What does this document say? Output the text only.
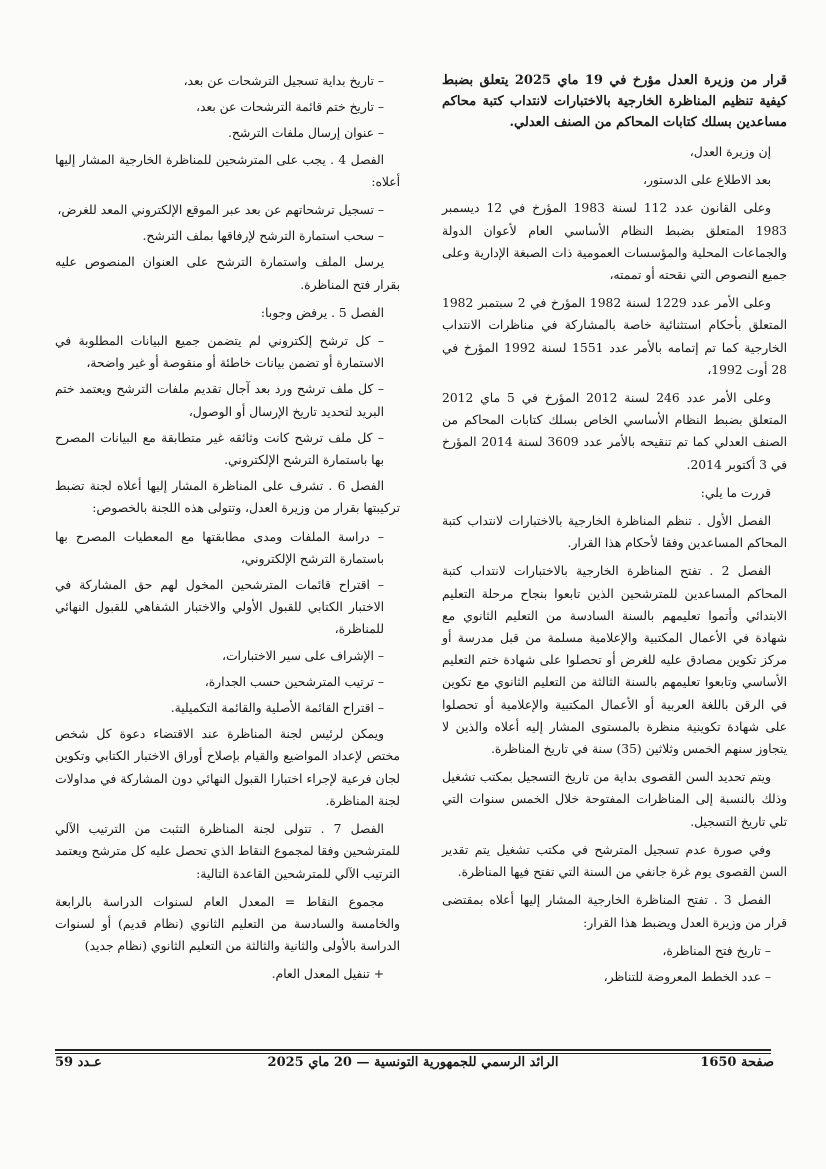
قرار من وزيرة العدل مؤرخ في 19 ماي 2025 يتعلق بضبط كيفية تنظيم المناظرة الخارجية بالاختبارات لانتداب كتبة محاكم مساعدين بسلك كتابات المحاكم من الصنف العدلي.

إن وزيرة العدل،

بعد الاطلاع على الدستور،

وعلى القانون عدد 112 لسنة 1983 المؤرخ في 12 ديسمبر 1983 المتعلق بضبط النظام الأساسي العام لأعوان الدولة والجماعات المحلية والمؤسسات العمومية ذات الصبغة الإدارية وعلى جميع النصوص التي نقحته أو تممته،

وعلى الأمر عدد 1229 لسنة 1982 المؤرخ في 2 سبتمبر 1982 المتعلق بأحكام استثنائية خاصة بالمشاركة في مناظرات الانتداب الخارجية كما تم إتمامه بالأمر عدد 1551 لسنة 1992 المؤرخ في 28 أوت 1992،

وعلى الأمر عدد 246 لسنة 2012 المؤرخ في 5 ماي 2012 المتعلق بضبط النظام الأساسي الخاص بسلك كتابات المحاكم من الصنف العدلي كما تم تنقيحه بالأمر عدد 3609 لسنة 2014 المؤرخ في 3 أكتوبر 2014.

قررت ما يلي:

الفصل الأول . تنظم المناظرة الخارجية بالاختبارات لانتداب كتبة المحاكم المساعدين وفقا لأحكام هذا القرار.

الفصل 2 . تفتح المناظرة الخارجية بالاختبارات لانتداب كتبة المحاكم المساعدين للمترشحين الذين تابعوا بنجاح مرحلة التعليم الابتدائي وأتموا تعليمهم بالسنة السادسة من التعليم الثانوي مع شهادة في الأعمال المكتبية والإعلامية مسلمة من قبل مدرسة أو مركز تكوين مصادق عليه للغرض أو تحصلوا على شهادة ختم التعليم الأساسي وتابعوا تعليمهم بالسنة الثالثة من التعليم الثانوي مع تكوين في الرقن باللغة العربية أو الأعمال المكتبية والإعلامية أو تحصلوا على شهادة تكوينية منظرة بالمستوى المشار إليه أعلاه والذين لا يتجاوز سنهم الخمس وثلاثين (35) سنة في تاريخ المناظرة.

ويتم تحديد السن القصوى بداية من تاريخ التسجيل بمكتب تشغيل وذلك بالنسبة إلى المناظرات المفتوحة خلال الخمس سنوات التي تلي تاريخ التسجيل.

وفي صورة عدم تسجيل المترشح في مكتب تشغيل يتم تقدير السن القصوى يوم غرة جانفي من السنة التي تفتح فيها المناظرة.

الفصل 3 . تفتح المناظرة الخارجية المشار إليها أعلاه بمقتضى قرار من وزيرة العدل ويضبط هذا القرار:

– تاريخ فتح المناظرة،

– عدد الخطط المعروضة للتناظر،

– تاريخ بداية تسجيل الترشحات عن بعد،

– تاريخ ختم قائمة الترشحات عن بعد،

– عنوان إرسال ملفات الترشح.

الفصل 4 . يجب على المترشحين للمناظرة الخارجية المشار إليها أعلاه:

– تسجيل ترشحاتهم عن بعد عبر الموقع الإلكتروني المعد للغرض،

– سحب استمارة الترشح لإرفاقها بملف الترشح.

يرسل الملف واستمارة الترشح على العنوان المنصوص عليه بقرار فتح المناظرة.

الفصل 5 . يرفض وجوبا:

– كل ترشح إلكتروني لم يتضمن جميع البيانات المطلوبة في الاستمارة أو تضمن بيانات خاطئة أو منقوصة أو غير واضحة،

– كل ملف ترشح ورد بعد آجال تقديم ملفات الترشح ويعتمد ختم البريد لتحديد تاريخ الإرسال أو الوصول،

– كل ملف ترشح كانت وثائقه غير متطابقة مع البيانات المصرح بها باستمارة الترشح الإلكتروني.

الفصل 6 . تشرف على المناظرة المشار إليها أعلاه لجنة تضبط تركيبتها بقرار من وزيرة العدل، وتتولى هذه اللجنة بالخصوص:

– دراسة الملفات ومدى مطابقتها مع المعطيات المصرح بها باستمارة الترشح الإلكتروني،

– اقتراح قائمات المترشحين المخول لهم حق المشاركة في الاختبار الكتابي للقبول الأولي والاختبار الشفاهي للقبول النهائي للمناظرة،

– الإشراف على سير الاختبارات،

– ترتيب المترشحين حسب الجدارة،

– اقتراح القائمة الأصلية والقائمة التكميلية.

ويمكن لرئيس لجنة المناظرة عند الاقتضاء دعوة كل شخص مختص لإعداد المواضيع والقيام بإصلاح أوراق الاختبار الكتابي وتكوين لجان فرعية لإجراء اختبارا القبول النهائي دون المشاركة في مداولات لجنة المناظرة.

الفصل 7 . تتولى لجنة المناظرة التثبت من الترتيب الآلي للمترشحين وفقا لمجموع النقاط الذي تحصل عليه كل مترشح ويعتمد الترتيب الآلي للمترشحين القاعدة التالية:

مجموع النقاط = المعدل العام لسنوات الدراسة بالرابعة والخامسة والسادسة من التعليم الثانوي (نظام قديم) أو لسنوات الدراسة بالأولى والثانية والثالثة من التعليم الثانوي (نظام جديد)

+ تنفيل المعدل العام.

صفحة 1650
الرائد الرسمي للجمهورية التونسية — 20 ماي 2025
عـدد 59
